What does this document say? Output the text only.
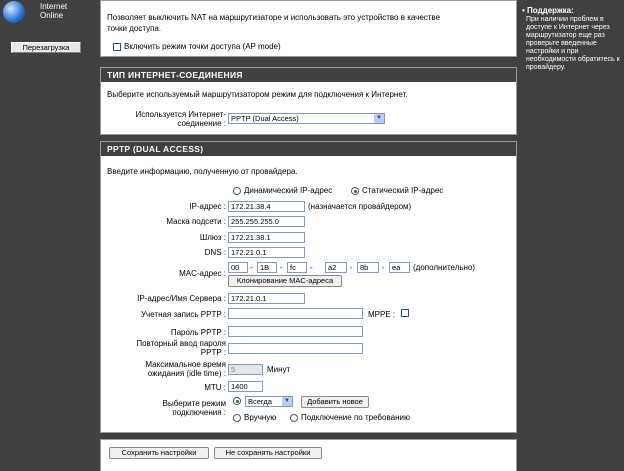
Internet
Online
Перезагрузка
Позволяет выключить NAT на маршрутизаторе и использовать это устройство в качестве
точки доступа.
Включить режим точки доступа (AP mode)
ТИП ИНТЕРНЕТ-СОЕДИНЕНИЯ
Выберите используемый маршрутизатором режим для подключения к Интернет.
Используется Интернет-
соединение :
PPTP (Dual Access)	▼
PPTP (DUAL ACCESS)
Введите информацию, полученную от провайдера.
Динамический IP-адрес	Статический IP-адрес
IP-адрес : 172.21.38.4	(назначается провайдером)
Маска подсети : 255.255.255.0
Шлюз : 172.21.38.1
DNS : 172.21.0.1
MAC-адрес :
00	- 1B	- fc	-	a2	- 8b	- ea	(дополнительно)
Клонирование MAC-адреса
IP-адрес/Имя Сервера : 172.21.0.1
Учетная запись PPTP :	MPPE :
Пароль PPTP :
Повторный ввод пароля
PPTP :
Максимальное время
ожидания (idle time) : 5	Минут
MTU : 1400
Выберите режим
подключения :
Всегда	▼	Добавить новое
Вручную	Подключение по требованию
Сохранить настройки	Не сохранять настройки
• Поддержка:
При наличии проблем в доступе к Интернет через маршрутизатор еще раз проверьте введенные настройки и при необходимости обратитесь к провайдеру.
